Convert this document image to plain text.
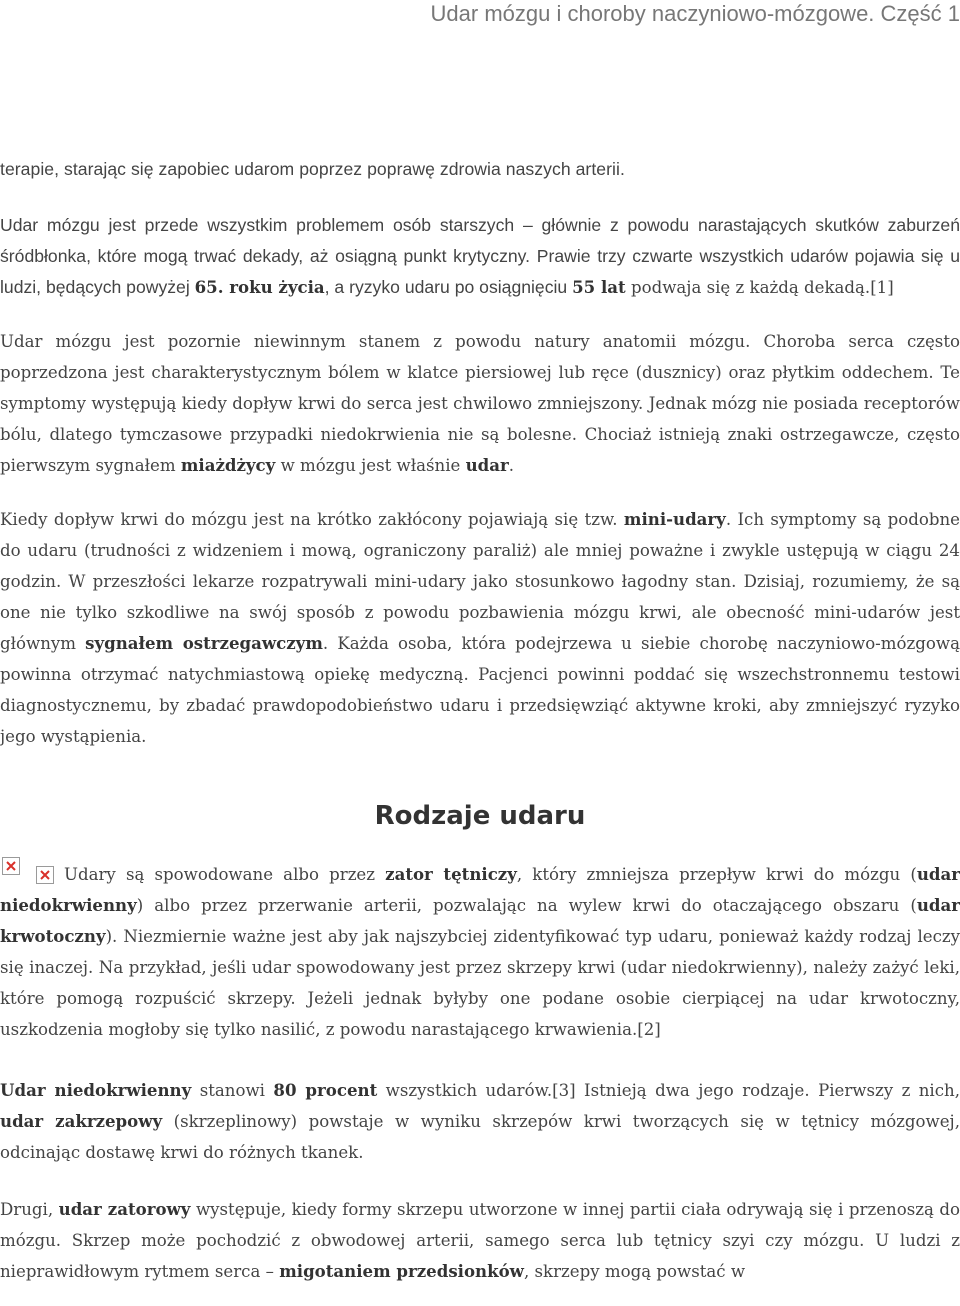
Udar mózgu i choroby naczyniowo-mózgowe. Część 1

terapie, starając się zapobiec udarom poprzez poprawę zdrowia naszych arterii.

Udar mózgu jest przede wszystkim problemem osób starszych – głównie z powodu narastających skutków zaburzeń śródbłonka, które mogą trwać dekady, aż osiągną punkt krytyczny. Prawie trzy czwarte wszystkich udarów pojawia się u ludzi, będących powyżej 65. roku życia, a ryzyko udaru po osiągnięciu 55 lat podwaja się z każdą dekadą.[1]

Udar mózgu jest pozornie niewinnym stanem z powodu natury anatomii mózgu. Choroba serca często poprzedzona jest charakterystycznym bólem w klatce piersiowej lub ręce (dusznicy) oraz płytkim oddechem. Te symptomy występują kiedy dopływ krwi do serca jest chwilowo zmniejszony. Jednak mózg nie posiada receptorów bólu, dlatego tymczasowe przypadki niedokrwienia nie są bolesne. Chociaż istnieją znaki ostrzegawcze, często pierwszym sygnałem miażdżycy w mózgu jest właśnie udar.

Kiedy dopływ krwi do mózgu jest na krótko zakłócony pojawiają się tzw. mini-udary. Ich symptomy są podobne do udaru (trudności z widzeniem i mową, ograniczony paraliż) ale mniej poważne i zwykle ustępują w ciągu 24 godzin. W przeszłości lekarze rozpatrywali mini-udary jako stosunkowo łagodny stan. Dzisiaj, rozumiemy, że są one nie tylko szkodliwe na swój sposób z powodu pozbawienia mózgu krwi, ale obecność mini-udarów jest głównym sygnałem ostrzegawczym. Każda osoba, która podejrzewa u siebie chorobę naczyniowo-mózgową powinna otrzymać natychmiastową opiekę medyczną. Pacjenci powinni poddać się wszechstronnemu testowi diagnostycznemu, by zbadać prawdopodobieństwo udaru i przedsięwziąć aktywne kroki, aby zmniejszyć ryzyko jego wystąpienia.

Rodzaje udaru

Udary są spowodowane albo przez zator tętniczy, który zmniejsza przepływ krwi do mózgu (udar niedokrwienny) albo przez przerwanie arterii, pozwalając na wylew krwi do otaczającego obszaru (udar krwotoczny). Niezmiernie ważne jest aby jak najszybciej zidentyfikować typ udaru, ponieważ każdy rodzaj leczy się inaczej. Na przykład, jeśli udar spowodowany jest przez skrzepy krwi (udar niedokrwienny), należy zażyć leki, które pomogą rozpuścić skrzepy. Jeżeli jednak byłyby one podane osobie cierpiącej na udar krwotoczny, uszkodzenia mogłoby się tylko nasilić, z powodu narastającego krwawienia.[2]

Udar niedokrwienny stanowi 80 procent wszystkich udarów.[3] Istnieją dwa jego rodzaje. Pierwszy z nich, udar zakrzepowy (skrzeplinowy) powstaje w wyniku skrzepów krwi tworzących się w tętnicy mózgowej, odcinając dostawę krwi do różnych tkanek.

Drugi, udar zatorowy występuje, kiedy formy skrzepu utworzone w innej partii ciała odrywają się i przenoszą do mózgu. Skrzep może pochodzić z obwodowej arterii, samego serca lub tętnicy szyi czy mózgu. U ludzi z nieprawidłowym rytmem serca – migotaniem przedsionków, skrzepy mogą powstać w
